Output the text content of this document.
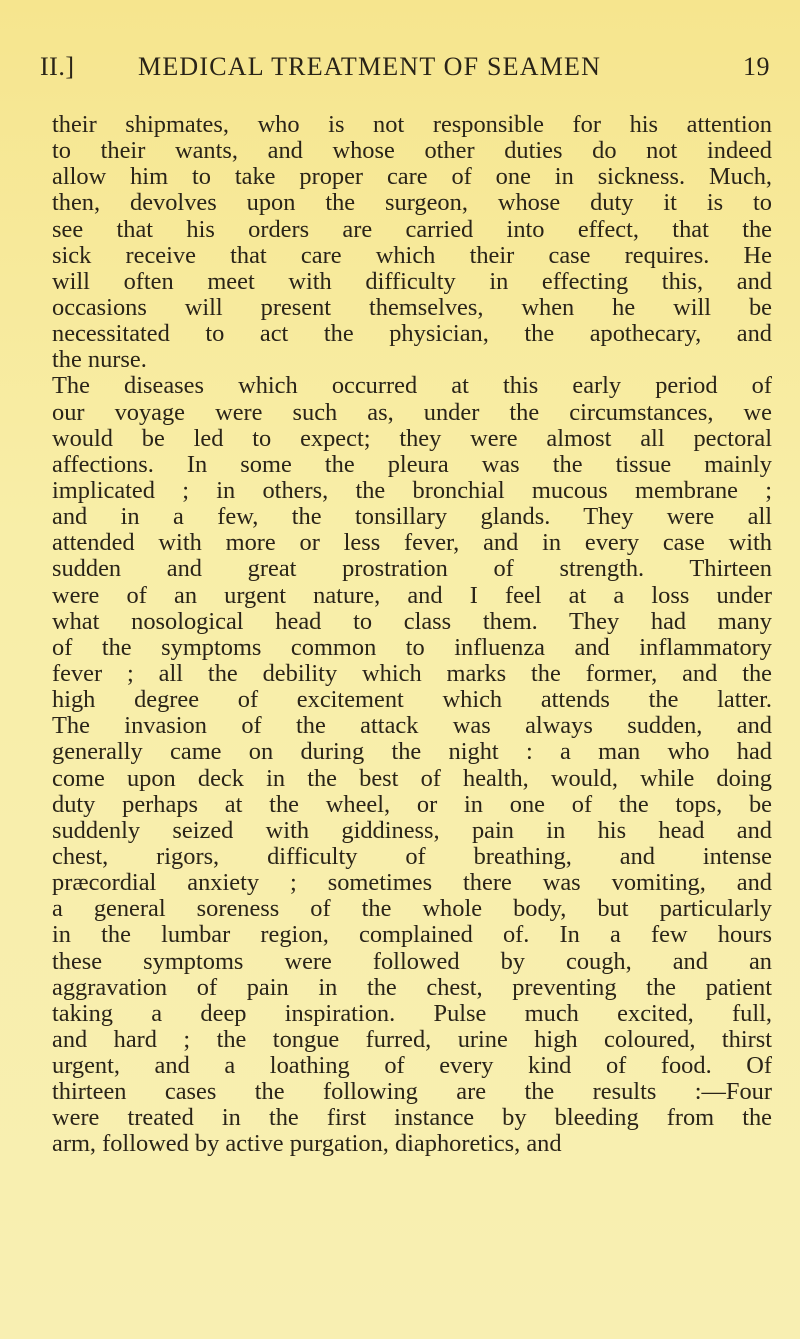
II.] MEDICAL TREATMENT OF SEAMEN	19
their shipmates, who is not responsible for his attention
to their wants, and whose other duties do not indeed
allow him to take proper care of one in sickness. Much,
then, devolves upon the surgeon, whose duty it is to
see that his orders are carried into effect, that the
sick receive that care which their case requires. He
will often meet with difficulty in effecting this, and
occasions will present themselves, when he will be
necessitated to act the physician, the apothecary, and
the nurse.
The diseases which occurred at this early period of
our voyage were such as, under the circumstances, we
would be led to expect; they were almost all pectoral
affections. In some the pleura was the tissue mainly
implicated ; in others, the bronchial mucous membrane ;
and in a few, the tonsillary glands. They were all
attended with more or less fever, and in every case with
sudden and great prostration of strength. Thirteen
were of an urgent nature, and I feel at a loss under
what nosological head to class them. They had many
of the symptoms common to influenza and inflammatory
fever ; all the debility which marks the former, and the
high degree of excitement which attends the latter.
The invasion of the attack was always sudden, and
generally came on during the night : a man who had
come upon deck in the best of health, would, while doing
duty perhaps at the wheel, or in one of the tops, be
suddenly seized with giddiness, pain in his head and
chest, rigors, difficulty of breathing, and intense
præcordial anxiety ; sometimes there was vomiting, and
a general soreness of the whole body, but particularly
in the lumbar region, complained of. In a few hours
these symptoms were followed by cough, and an
aggravation of pain in the chest, preventing the patient
taking a deep inspiration. Pulse much excited, full,
and hard ; the tongue furred, urine high coloured, thirst
urgent, and a loathing of every kind of food. Of
thirteen cases the following are the results :—Four
were treated in the first instance by bleeding from the
arm, followed by active purgation, diaphoretics, and
